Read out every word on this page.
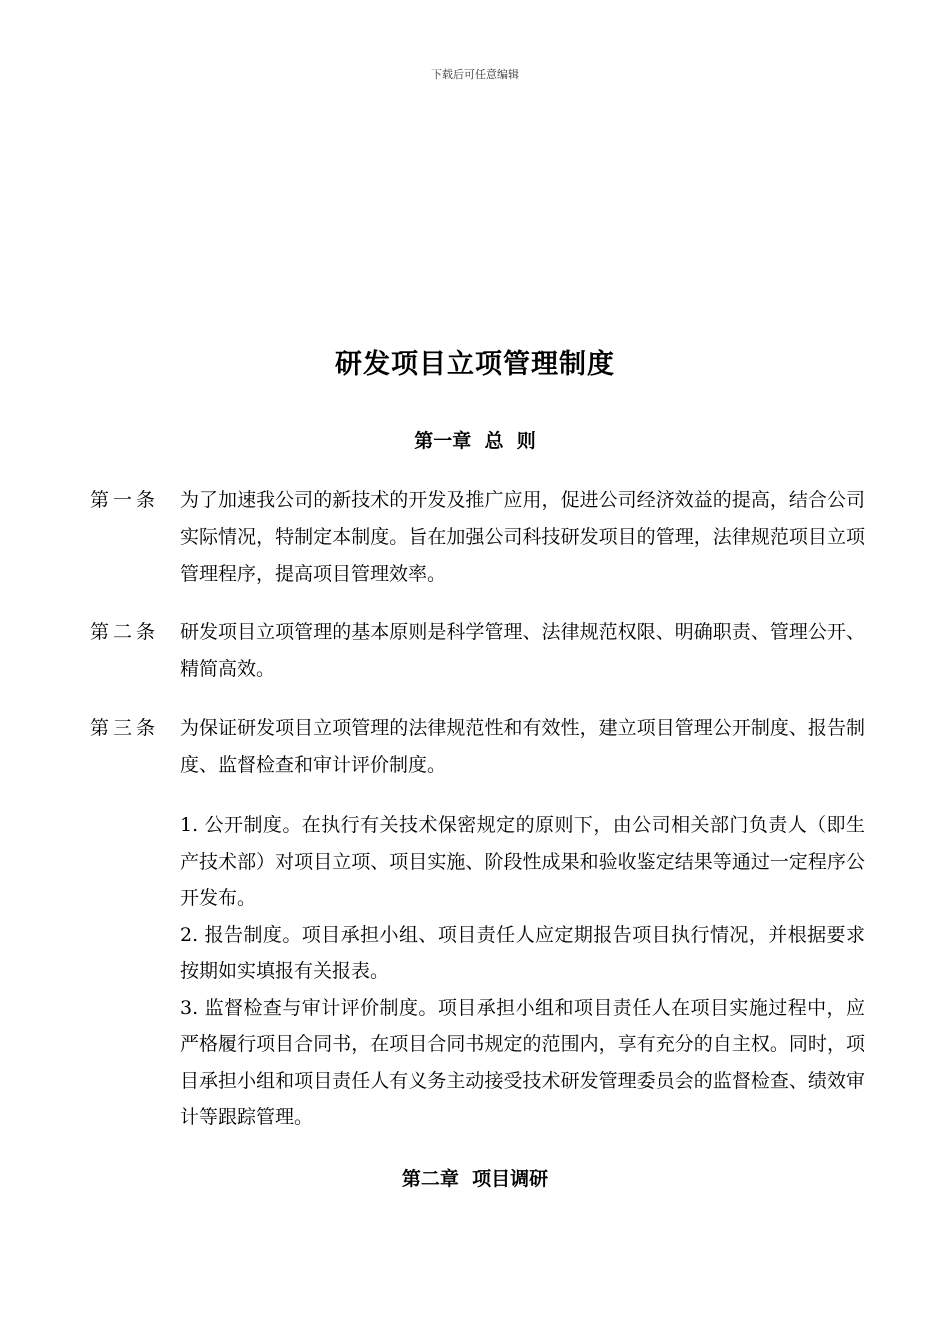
下载后可任意编辑
研发项目立项管理制度
第一章  总  则
第一条	为了加速我公司的新技术的开发及推广应用，促进公司经济效益的提高，结合公司实际情况，特制定本制度。旨在加强公司科技研发项目的管理，法律规范项目立项管理程序，提高项目管理效率。
第二条	研发项目立项管理的基本原则是科学管理、法律规范权限、明确职责、管理公开、精简高效。
第三条	为保证研发项目立项管理的法律规范性和有效性，建立项目管理公开制度、报告制度、监督检查和审计评价制度。
1. 公开制度。在执行有关技术保密规定的原则下，由公司相关部门负责人（即生产技术部）对项目立项、项目实施、阶段性成果和验收鉴定结果等通过一定程序公开发布。
2. 报告制度。项目承担小组、项目责任人应定期报告项目执行情况，并根据要求按期如实填报有关报表。
3. 监督检查与审计评价制度。项目承担小组和项目责任人在项目实施过程中，应严格履行项目合同书，在项目合同书规定的范围内，享有充分的自主权。同时，项目承担小组和项目责任人有义务主动接受技术研发管理委员会的监督检查、绩效审计等跟踪管理。
第二章  项目调研
